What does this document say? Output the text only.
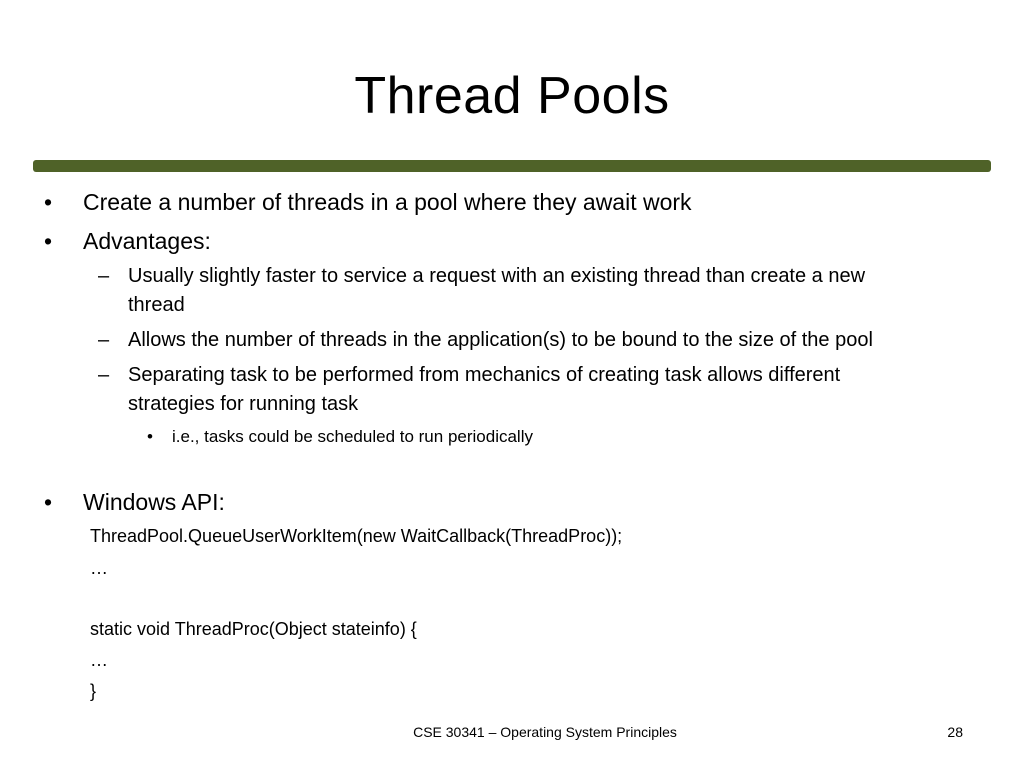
Thread Pools
• Create a number of threads in a pool where they await work
• Advantages:
– Usually slightly faster to service a request with an existing thread than create a new
thread
– Allows the number of threads in the application(s) to be bound to the size of the pool
– Separating task to be performed from mechanics of creating task allows different
strategies for running task
• i.e., tasks could be scheduled to run periodically
• Windows API:
ThreadPool.QueueUserWorkItem(new WaitCallback(ThreadProc));
…
static void ThreadProc(Object stateinfo) {
…
}
CSE 30341 – Operating System Principles	28
